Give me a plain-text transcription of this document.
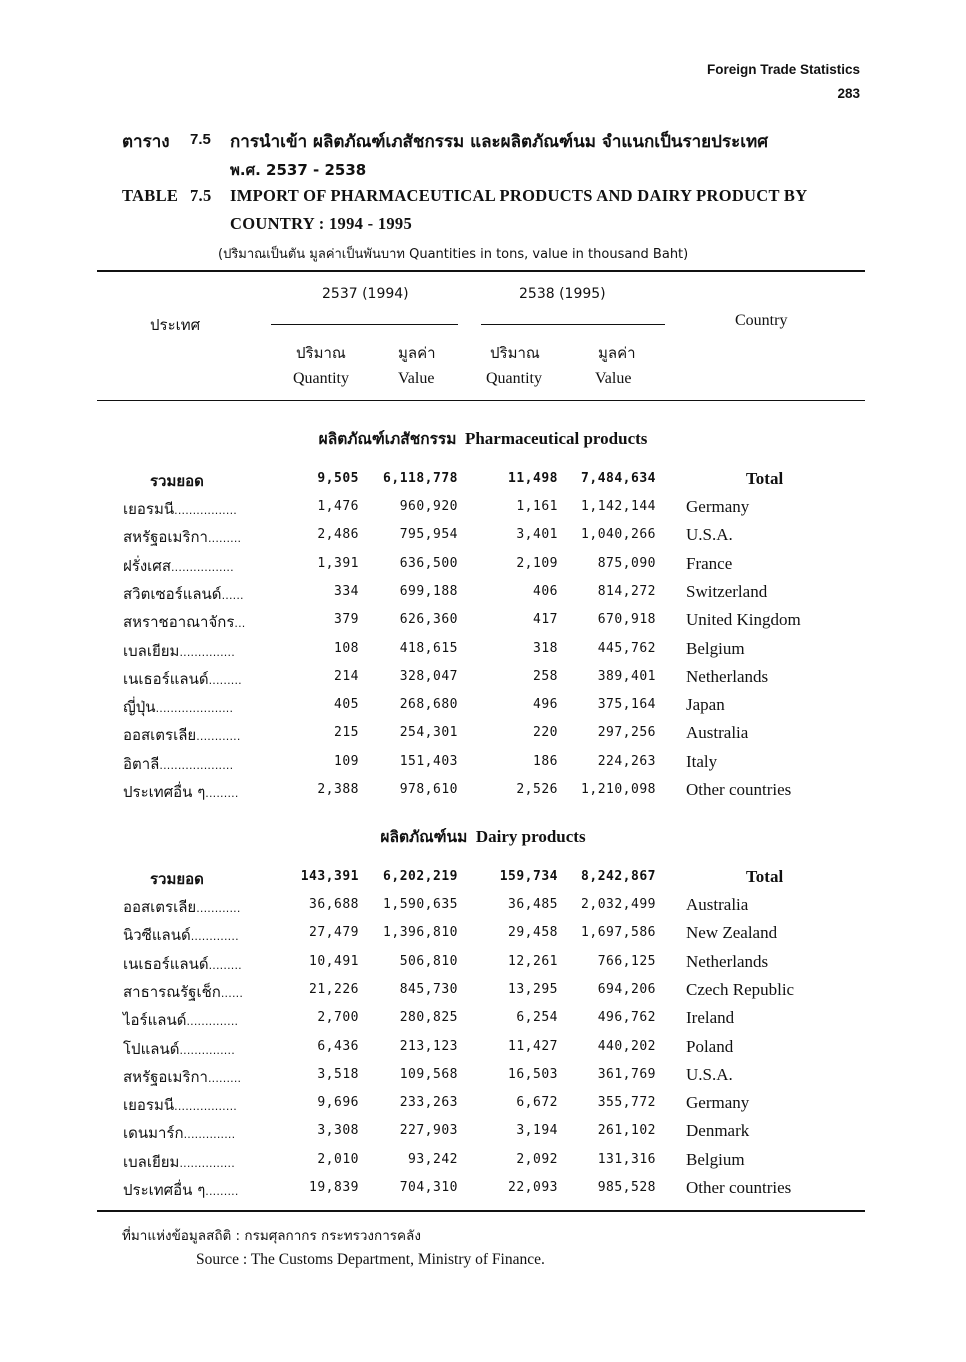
Foreign Trade Statistics
283
ตาราง 7.5 การนำเข้า ผลิตภัณฑ์เภสัชกรรม และผลิตภัณฑ์นม จำแนกเป็นรายประเทศ
พ.ศ. 2537 - 2538
TABLE 7.5 IMPORT OF PHARMACEUTICAL PRODUCTS AND DAIRY PRODUCT BY
COUNTRY : 1994 - 1995
(ปริมาณเป็นตัน มูลค่าเป็นพันบาท Quantities in tons, value in thousand Baht)
2537 (1994)	2538 (1995)
ประเทศ	Country
ปริมาณ	มูลค่า	ปริมาณ	มูลค่า
Quantity	Value	Quantity	Value
ผลิตภัณฑ์เภสัชกรรม Pharmaceutical products
รวมยอด	9,505 6,118,778	11,498 7,484,634	Total
เยอรมนี.................	1,476	960,920	1,161 1,142,144 Germany
สหรัฐอเมริกา.........	2,486	795,954	3,401 1,040,266 U.S.A.
ฝรั่งเศส.................	1,391	636,500	2,109	875,090 France
สวิตเซอร์แลนด์......	334	699,188	406	814,272 Switzerland
สหราชอาณาจักร...	379	626,360	417	670,918 United Kingdom
เบลเยียม...............	108	418,615	318	445,762 Belgium
เนเธอร์แลนด์.........	214	328,047	258	389,401 Netherlands
ญี่ปุ่น.....................	405	268,680	496	375,164 Japan
ออสเตรเลีย............	215	254,301	220	297,256 Australia
อิตาลี....................	109	151,403	186	224,263 Italy
ประเทศอื่น ๆ.........	2,388	978,610	2,526 1,210,098 Other countries
ผลิตภัณฑ์นม Dairy products
รวมยอด	143,391 6,202,219	159,734 8,242,867	Total
ออสเตรเลีย............	36,688 1,590,635	36,485 2,032,499 Australia
นิวซีแลนด์.............	27,479 1,396,810	29,458 1,697,586 New Zealand
เนเธอร์แลนด์.........	10,491	506,810	12,261	766,125 Netherlands
สาธารณรัฐเช็ก......	21,226	845,730	13,295	694,206 Czech Republic
ไอร์แลนด์..............	2,700	280,825	6,254	496,762 Ireland
โปแลนด์...............	6,436	213,123	11,427	440,202 Poland
สหรัฐอเมริกา.........	3,518	109,568	16,503	361,769 U.S.A.
เยอรมนี.................	9,696	233,263	6,672	355,772 Germany
เดนมาร์ก..............	3,308	227,903	3,194	261,102 Denmark
เบลเยียม...............	2,010	93,242	2,092	131,316 Belgium
ประเทศอื่น ๆ.........	19,839	704,310	22,093	985,528 Other countries
ที่มาแห่งข้อมูลสถิติ : กรมศุลกากร กระทรวงการคลัง
Source : The Customs Department, Ministry of Finance.
